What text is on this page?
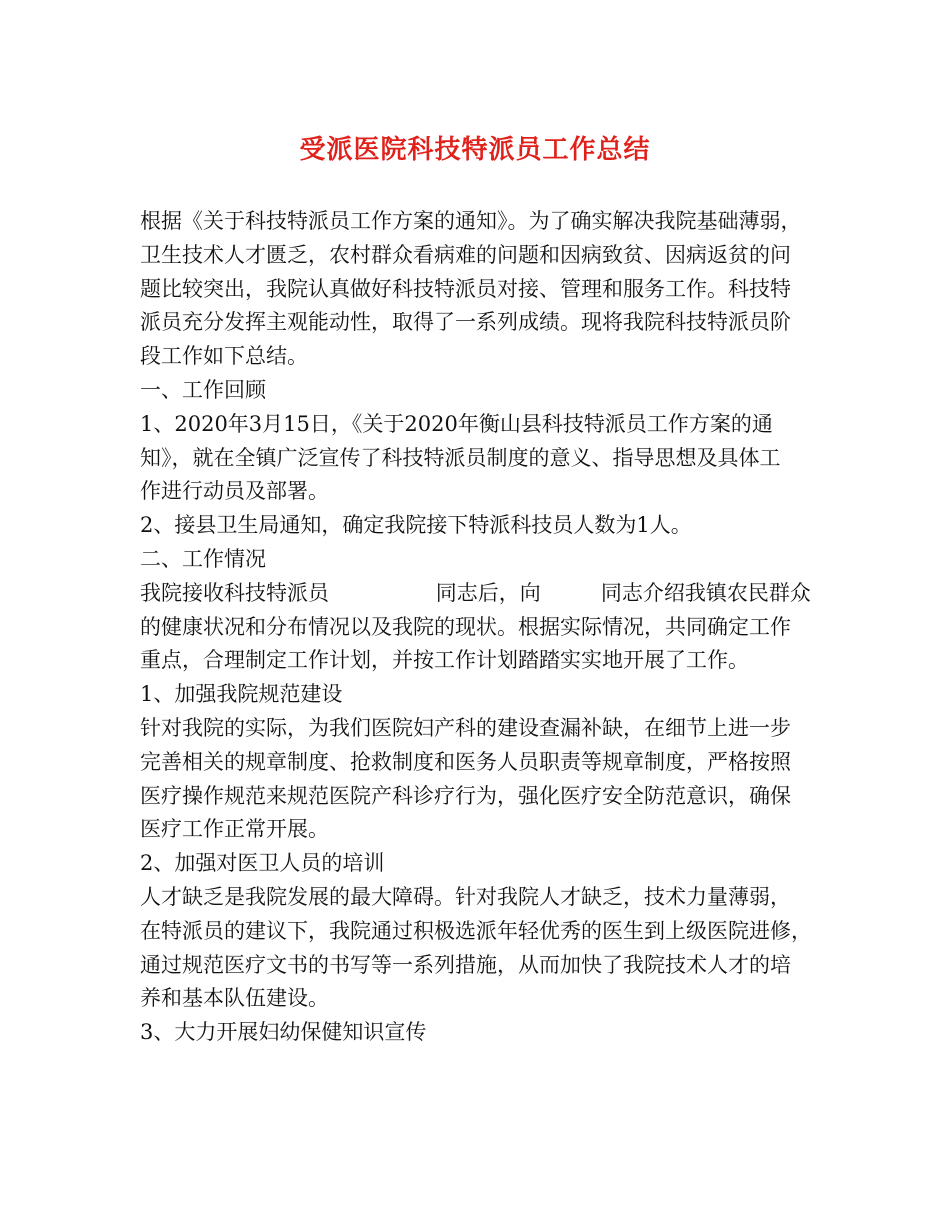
受派医院科技特派员工作总结
根据《关于科技特派员工作方案的通知》。为了确实解决我院基础薄弱，
卫生技术人才匮乏，农村群众看病难的问题和因病致贫、因病返贫的问
题比较突出，我院认真做好科技特派员对接、管理和服务工作。科技特
派员充分发挥主观能动性，取得了一系列成绩。现将我院科技特派员阶
段工作如下总结。
一、工作回顾
1、2020年3月15日，《关于2020年衡山县科技特派员工作方案的通
知》，就在全镇广泛宣传了科技特派员制度的意义、指导思想及具体工
作进行动员及部署。
2、接县卫生局通知，确定我院接下特派科技员人数为1人。
二、工作情况
我院接收科技特派员                同志后，向         同志介绍我镇农民群众
的健康状况和分布情况以及我院的现状。根据实际情况，共同确定工作
重点，合理制定工作计划，并按工作计划踏踏实实地开展了工作。
1、加强我院规范建设
针对我院的实际，为我们医院妇产科的建设查漏补缺，在细节上进一步
完善相关的规章制度、抢救制度和医务人员职责等规章制度，严格按照
医疗操作规范来规范医院产科诊疗行为，强化医疗安全防范意识，确保
医疗工作正常开展。
2、加强对医卫人员的培训
人才缺乏是我院发展的最大障碍。针对我院人才缺乏，技术力量薄弱，
在特派员的建议下，我院通过积极选派年轻优秀的医生到上级医院进修，
通过规范医疗文书的书写等一系列措施，从而加快了我院技术人才的培
养和基本队伍建设。
3、大力开展妇幼保健知识宣传
